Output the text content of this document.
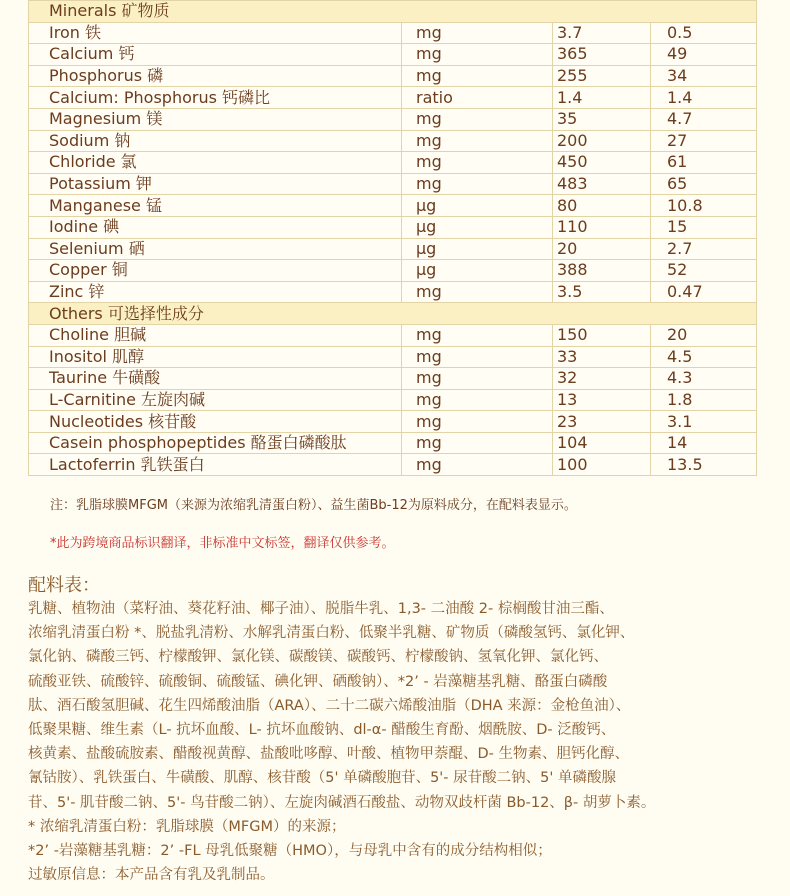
Minerals 矿物质			
Iron 铁	mg	3.7	0.5
Calcium 钙	mg	365	49
Phosphorus 磷	mg	255	34
Calcium: Phosphorus 钙磷比	ratio	1.4	1.4
Magnesium 镁	mg	35	4.7
Sodium 钠	mg	200	27
Chloride 氯	mg	450	61
Potassium 钾	mg	483	65
Manganese 锰	μg	80	10.8
Iodine 碘	μg	110	15
Selenium 硒	μg	20	2.7
Copper 铜	μg	388	52
Zinc 锌	mg	3.5	0.47
Others 可选择性成分			
Choline 胆碱	mg	150	20
Inositol 肌醇	mg	33	4.5
Taurine 牛磺酸	mg	32	4.3
L-Carnitine 左旋肉碱	mg	13	1.8
Nucleotides 核苷酸	mg	23	3.1
Casein phosphopeptides 酪蛋白磷酸肽	mg	104	14
Lactoferrin 乳铁蛋白	mg	100	13.5
注：乳脂球膜MFGM（来源为浓缩乳清蛋白粉）、益生菌Bb-12为原料成分，在配料表显示。
*此为跨境商品标识翻译，非标准中文标签，翻译仅供参考。
配料表：

乳糖、植物油（菜籽油、葵花籽油、椰子油）、脱脂牛乳、1,3- 二油酸 2- 棕榈酸甘油三酯、

浓缩乳清蛋白粉 *、脱盐乳清粉、水解乳清蛋白粉、低聚半乳糖、矿物质（磷酸氢钙、氯化钾、

氯化钠、磷酸三钙、柠檬酸钾、氯化镁、碳酸镁、碳酸钙、柠檬酸钠、氢氧化钾、氯化钙、

硫酸亚铁、硫酸锌、硫酸铜、硫酸锰、碘化钾、硒酸钠）、*2’ - 岩藻糖基乳糖、酪蛋白磷酸

肽、酒石酸氢胆碱、花生四烯酸油脂（ARA）、二十二碳六烯酸油脂（DHA 来源：金枪鱼油）、

低聚果糖、维生素（L- 抗坏血酸、L- 抗坏血酸钠、dl-α- 醋酸生育酚、烟酰胺、D- 泛酸钙、

核黄素、盐酸硫胺素、醋酸视黄醇、盐酸吡哆醇、叶酸、植物甲萘醌、D- 生物素、胆钙化醇、

氰钴胺）、乳铁蛋白、牛磺酸、肌醇、核苷酸（5' 单磷酸胞苷、5'- 尿苷酸二钠、5' 单磷酸腺

苷、5'- 肌苷酸二钠、5'- 鸟苷酸二钠）、左旋肉碱酒石酸盐、动物双歧杆菌 Bb-12、β- 胡萝卜素。

* 浓缩乳清蛋白粉：乳脂球膜（MFGM）的来源；

*2’ -岩藻糖基乳糖：2’ -FL 母乳低聚糖（HMO），与母乳中含有的成分结构相似；

过敏原信息：本产品含有乳及乳制品。
